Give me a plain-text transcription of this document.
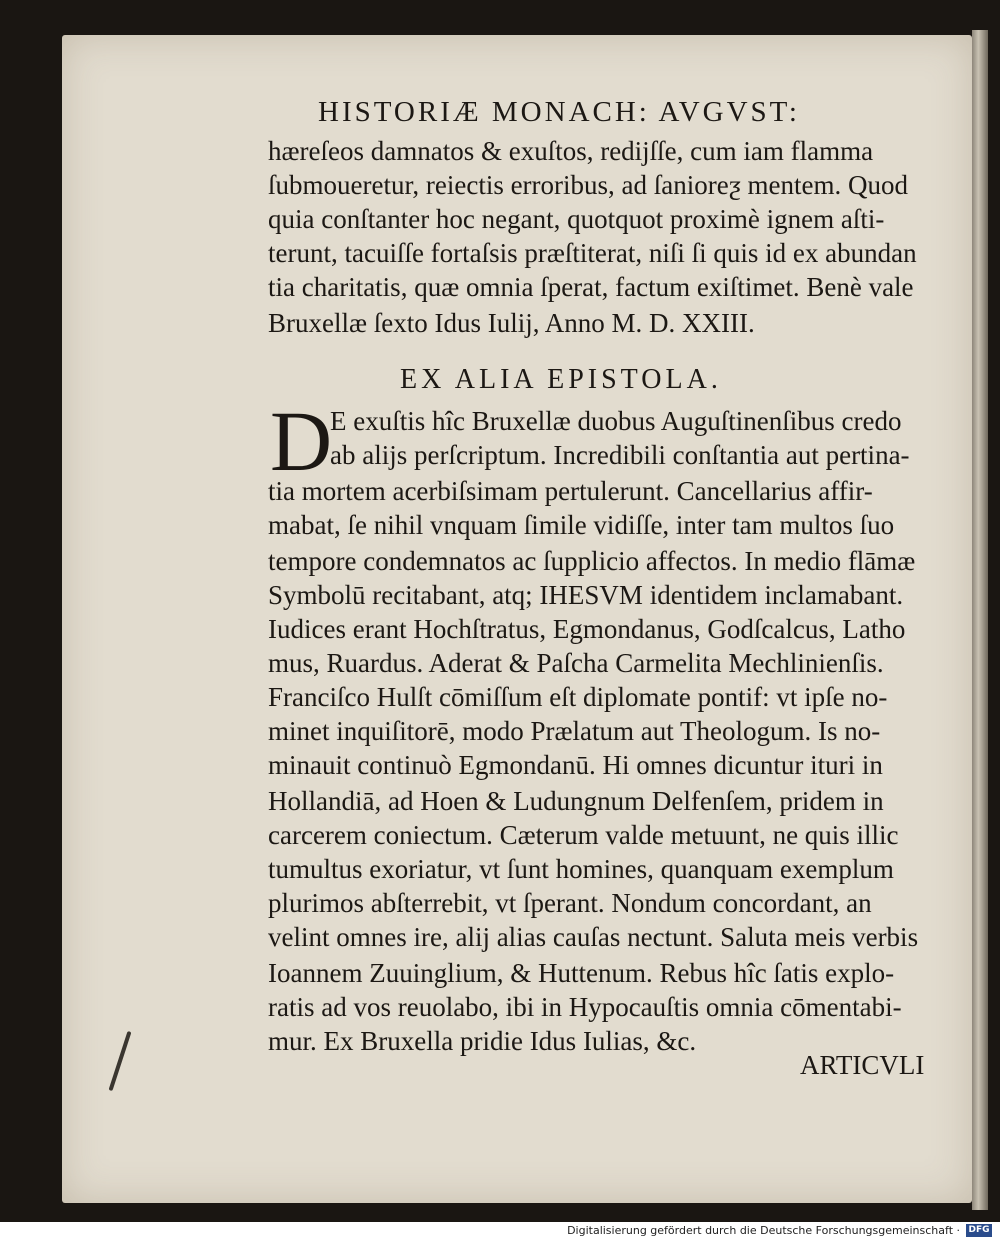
HISTORIÆ MONACH: AVGVST:
hæreſeos damnatos & exuſtos, rediјſſe, cum iam flamma
ſubmoueretur, reiectis erroribus, ad ſanioreƺ mentem. Quod
quia conſtanter hoc negant, quotquot proximè ignem aſti-
terunt, tacuiſſe fortaſsis præſtiterat, niſi ſi quis id ex abundan
tia charitatis, quæ omnia ſperat, factum exiſtimet. Benè vale
Bruxellæ ſexto Idus Iulij, Anno M. D. XXIII.
EX ALIA EPISTOLA.
D
E exuſtis hîc Bruxellæ duobus Auguſtinenſibus credo
ab alijs perſcriptum. Incredibili conſtantia aut pertina-
tia mortem acerbiſsimam pertulerunt. Cancellarius affir-
mabat, ſe nihil vnquam ſimile vidiſſe, inter tam multos ſuo
tempore condemnatos ac ſupplicio affectos. In medio flāmæ
Symbolū recitabant, atq; IHESVM identidem inclamabant.
Iudices erant Hochſtratus, Egmondanus, Godſcalcus, Latho
mus, Ruardus. Aderat & Paſcha Carmelita Mechlinienſis.
Franciſco Hulſt cōmiſſum eſt diplomate pontif: vt ipſe no-
minet inquiſitorē, modo Prælatum aut Theologum. Is no-
minauit continuò Egmondanū. Hi omnes dicuntur ituri in
Hollandiā, ad Hoen & Ludungnum Delfenſem, pridem in
carcerem coniectum. Cæterum valde metuunt, ne quis illic
tumultus exoriatur, vt ſunt homines, quanquam exemplum
plurimos abſterrebit, vt ſperant. Nondum concordant, an
velint omnes ire, alij alias cauſas nectunt. Saluta meis verbis
Ioannem Zuuinglium, & Huttenum. Rebus hîc ſatis explo-
ratis ad vos reuolabo, ibi in Hypocauſtis omnia cōmentabi-
mur. Ex Bruxella pridie Idus Iulias, &c.
ARTICVLI
Digitalisierung gefördert durch die Deutsche Forschungsgemeinschaft · DFG
